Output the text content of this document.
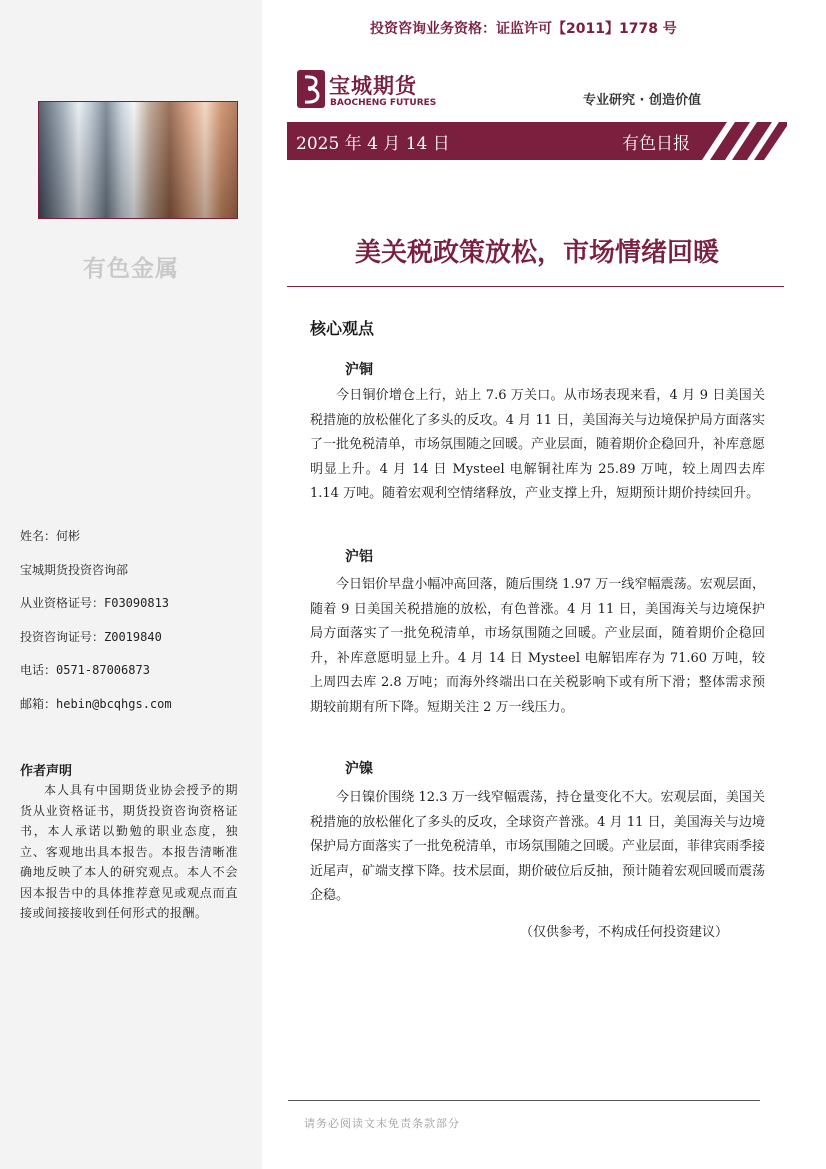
有色金属
姓名：何彬
宝城期货投资咨询部
从业资格证号：F03090813
投资咨询证号：Z0019840
电话：0571-87006873
邮箱：hebin@bcqhgs.com
作者声明
本人具有中国期货业协会授予的期货从业资格证书，期货投资咨询资格证书，本人承诺以勤勉的职业态度，独立、客观地出具本报告。本报告清晰准确地反映了本人的研究观点。本人不会因本报告中的具体推荐意见或观点而直接或间接接收到任何形式的报酬。
投资咨询业务资格：证监许可【2011】1778 号
宝城期货
BAOCHENG FUTURES	专业研究 · 创造价值
2025 年 4 月 14 日	有色日报
美关税政策放松，市场情绪回暖
核心观点
沪铜
今日铜价增仓上行，站上 7.6 万关口。从市场表现来看，4 月 9 日美国关税措施的放松催化了多头的反攻。4 月 11 日，美国海关与边境保护局方面落实了一批免税清单，市场氛围随之回暖。产业层面，随着期价企稳回升，补库意愿明显上升。4 月 14 日 Mysteel 电解铜社库为 25.89 万吨，较上周四去库 1.14 万吨。随着宏观利空情绪释放，产业支撑上升，短期预计期价持续回升。
沪铝
今日铝价早盘小幅冲高回落，随后围绕 1.97 万一线窄幅震荡。宏观层面，随着 9 日美国关税措施的放松，有色普涨。4 月 11 日，美国海关与边境保护局方面落实了一批免税清单，市场氛围随之回暖。产业层面，随着期价企稳回升，补库意愿明显上升。4 月 14 日 Mysteel 电解铝库存为 71.60 万吨，较上周四去库 2.8 万吨；而海外终端出口在关税影响下或有所下滑；整体需求预期较前期有所下降。短期关注 2 万一线压力。
沪镍
今日镍价围绕 12.3 万一线窄幅震荡，持仓量变化不大。宏观层面，美国关税措施的放松催化了多头的反攻，全球资产普涨。4 月 11 日，美国海关与边境保护局方面落实了一批免税清单，市场氛围随之回暖。产业层面，菲律宾雨季接近尾声，矿端支撑下降。技术层面，期价破位后反抽，预计随着宏观回暖而震荡企稳。
（仅供参考，不构成任何投资建议）
请务必阅读文末免责条款部分
